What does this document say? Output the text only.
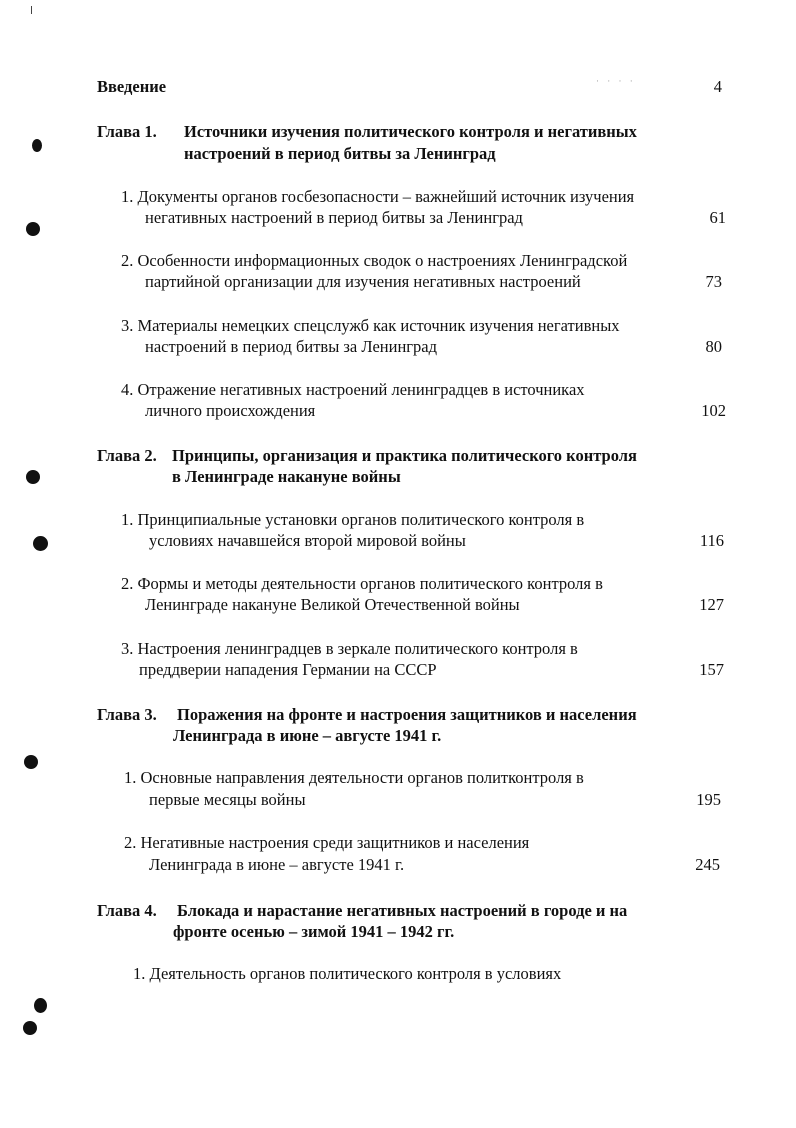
· · · ·
Введение	4
Глава 1. Источники изучения политического контроля и негативных
настроений в период битвы за Ленинград
1. Документы органов госбезопасности – важнейший источник изучения
негативных настроений в период битвы за Ленинград	61
2. Особенности информационных сводок о настроениях Ленинградской
партийной организации для изучения негативных настроений	73
3. Материалы немецких спецслужб как источник изучения негативных
настроений в период битвы за Ленинград	80
4. Отражение негативных настроений ленинградцев в источниках
личного происхождения	102
Глава 2. Принципы, организация и практика политического контроля
в Ленинграде накануне войны
1. Принципиальные установки органов политического контроля в
условиях начавшейся второй мировой войны	116
2. Формы и методы деятельности органов политического контроля в
Ленинграде накануне Великой Отечественной войны	127
3. Настроения ленинградцев в зеркале политического контроля в
преддверии нападения Германии на СССР	157
Глава 3. Поражения на фронте и настроения защитников и населения
Ленинграда в июне – августе 1941 г.
1. Основные направления деятельности органов политконтроля в
первые месяцы войны	195
2. Негативные настроения среди защитников и населения
Ленинграда в июне – августе 1941 г.	245
Глава 4. Блокада и нарастание негативных настроений в городе и на
фронте осенью – зимой 1941 – 1942 гг.
1. Деятельность органов политического контроля в условиях
